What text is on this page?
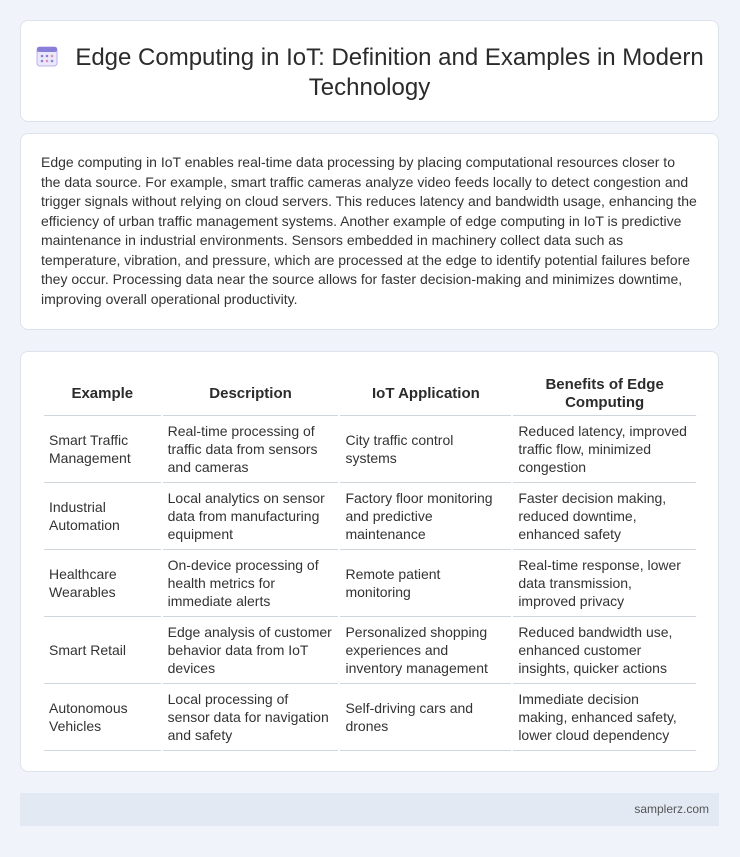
Edge Computing in IoT: Definition and Examples in Modern Technology

Edge computing in IoT enables real-time data processing by placing computational resources closer to the data source. For example, smart traffic cameras analyze video feeds locally to detect congestion and trigger signals without relying on cloud servers. This reduces latency and bandwidth usage, enhancing the efficiency of urban traffic management systems. Another example of edge computing in IoT is predictive maintenance in industrial environments. Sensors embedded in machinery collect data such as temperature, vibration, and pressure, which are processed at the edge to identify potential failures before they occur. Processing data near the source allows for faster decision-making and minimizes downtime, improving overall operational productivity.

Example	Description	IoT Application	Benefits of Edge Computing
Smart Traffic Management	Real-time processing of traffic data from sensors and cameras	City traffic control systems	Reduced latency, improved traffic flow, minimized congestion
Industrial Automation	Local analytics on sensor data from manufacturing equipment	Factory floor monitoring and predictive maintenance	Faster decision making, reduced downtime, enhanced safety
Healthcare Wearables	On-device processing of health metrics for immediate alerts	Remote patient monitoring	Real-time response, lower data transmission, improved privacy
Smart Retail	Edge analysis of customer behavior data from IoT devices	Personalized shopping experiences and inventory management	Reduced bandwidth use, enhanced customer insights, quicker actions
Autonomous Vehicles	Local processing of sensor data for navigation and safety	Self-driving cars and drones	Immediate decision making, enhanced safety, lower cloud dependency
samplerz.com
